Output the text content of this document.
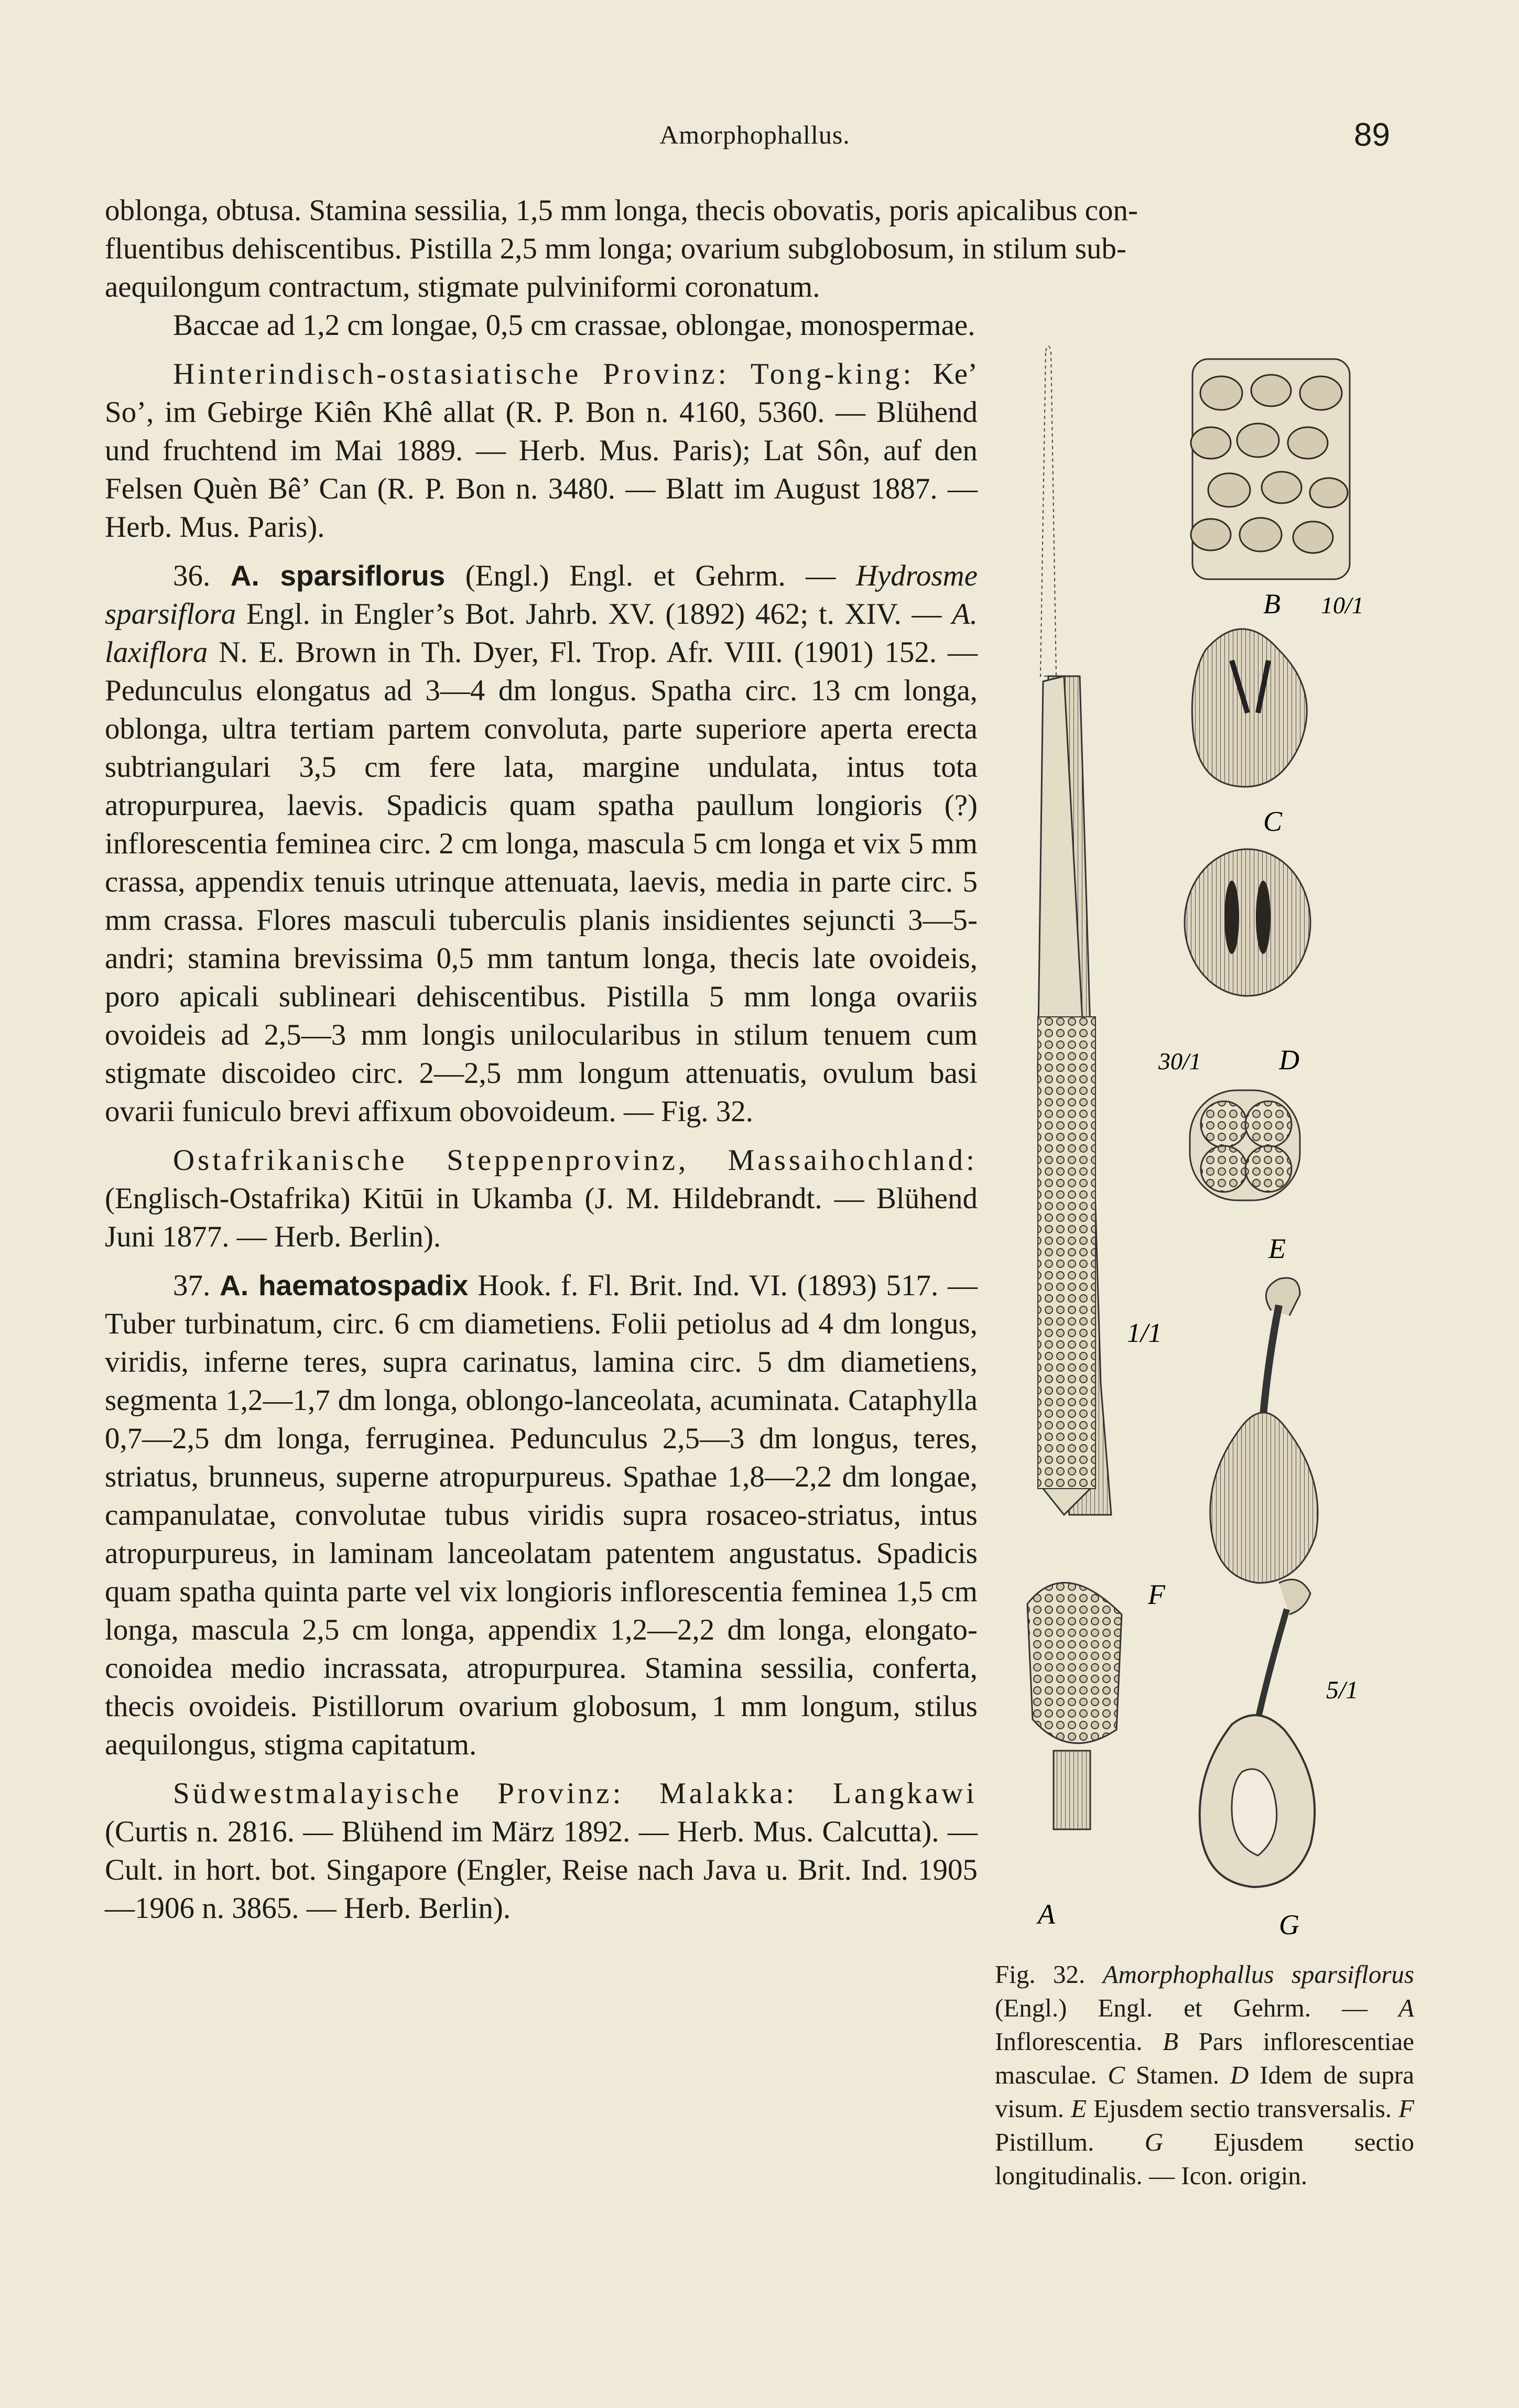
Amorphophallus.	89

oblonga, obtusa. Stamina sessilia, 1,5 mm longa, thecis obovatis, poris apicalibus con-

fluentibus dehiscentibus. Pistilla 2,5 mm longa; ovarium subglobosum, in stilum sub-

aequilongum contractum, stigmate pulviniformi coronatum.

Baccae ad 1,2 cm longae, 0,5 cm crassae, oblongae, monospermae.

Hinterindisch-ostasiatische Provinz: Tong-king: Ke’ So’, im Gebirge Kiên Khê allat (R. P. Bon n. 4160, 5360. — Blühend und fruchtend im Mai 1889. — Herb. Mus. Paris); Lat Sôn, auf den Felsen Quèn Bê’ Can (R. P. Bon n. 3480. — Blatt im August 1887. — Herb. Mus. Paris).

36. A. sparsiflorus (Engl.) Engl. et Gehrm. — Hydrosme sparsiflora Engl. in Engler’s Bot. Jahrb. XV. (1892) 462; t. XIV. — A. laxiflora N. E. Brown in Th. Dyer, Fl. Trop. Afr. VIII. (1901) 152. — Pedunculus elongatus ad 3—4 dm longus. Spatha circ. 13 cm longa, oblonga, ultra tertiam partem convoluta, parte superiore aperta erecta subtriangulari 3,5 cm fere lata, margine undulata, intus tota atropurpurea, laevis. Spadicis quam spatha paullum longioris (?) inflorescentia feminea circ. 2 cm longa, mascula 5 cm longa et vix 5 mm crassa, appendix tenuis utrinque attenuata, laevis, media in parte circ. 5 mm crassa. Flores masculi tuberculis planis insidientes sejuncti 3—5-andri; stamina brevissima 0,5 mm tantum longa, thecis late ovoideis, poro apicali sublineari dehiscentibus. Pistilla 5 mm longa ovariis ovoideis ad 2,5—3 mm longis unilocularibus in stilum tenuem cum stigmate discoideo circ. 2—2,5 mm longum attenuatis, ovulum basi ovarii funiculo brevi affixum obovoideum. — Fig. 32.

Ostafrikanische Steppenprovinz, Massaihochland: (Englisch-Ostafrika) Kitūi in Ukamba (J. M. Hildebrandt. — Blühend Juni 1877. — Herb. Berlin).

37. A. haematospadix Hook. f. Fl. Brit. Ind. VI. (1893) 517. — Tuber turbinatum, circ. 6 cm diametiens. Folii petiolus ad 4 dm longus, viridis, inferne teres, supra carinatus, lamina circ. 5 dm diametiens, segmenta 1,2—1,7 dm longa, oblongo-lanceolata, acuminata. Cataphylla 0,7—2,5 dm longa, ferruginea. Pedunculus 2,5—3 dm longus, teres, striatus, brunneus, superne atropurpureus. Spathae 1,8—2,2 dm longae, campanulatae, convolutae tubus viridis supra rosaceo-striatus, intus atropurpureus, in laminam lanceolatam patentem angustatus. Spadicis quam spatha quinta parte vel vix longioris inflorescentia feminea 1,5 cm longa, mascula 2,5 cm longa, appendix 1,2—2,2 dm longa, elongato-conoidea medio incrassata, atropurpurea. Stamina sessilia, conferta, thecis ovoideis. Pistillorum ovarium globosum, 1 mm longum, stilus aequilongus, stigma capitatum.

Südwestmalayische Provinz: Malakka: Langkawi (Curtis n. 2816. — Blühend im März 1892. — Herb. Mus. Calcutta). — Cult. in hort. bot. Singapore (Engler, Reise nach Java u. Brit. Ind. 1905—1906 n. 3865. — Herb. Berlin).

B 10/1
C
30/1	D
E
1/1
F
5/1
G
A

Fig. 32. Amorphophallus sparsiflorus (Engl.) Engl. et Gehrm. — A Inflorescentia. B Pars inflorescentiae masculae. C Stamen. D Idem de supra visum. E Ejusdem sectio transversalis. F Pistillum. G Ejusdem sectio longitudinalis. — Icon. origin.
